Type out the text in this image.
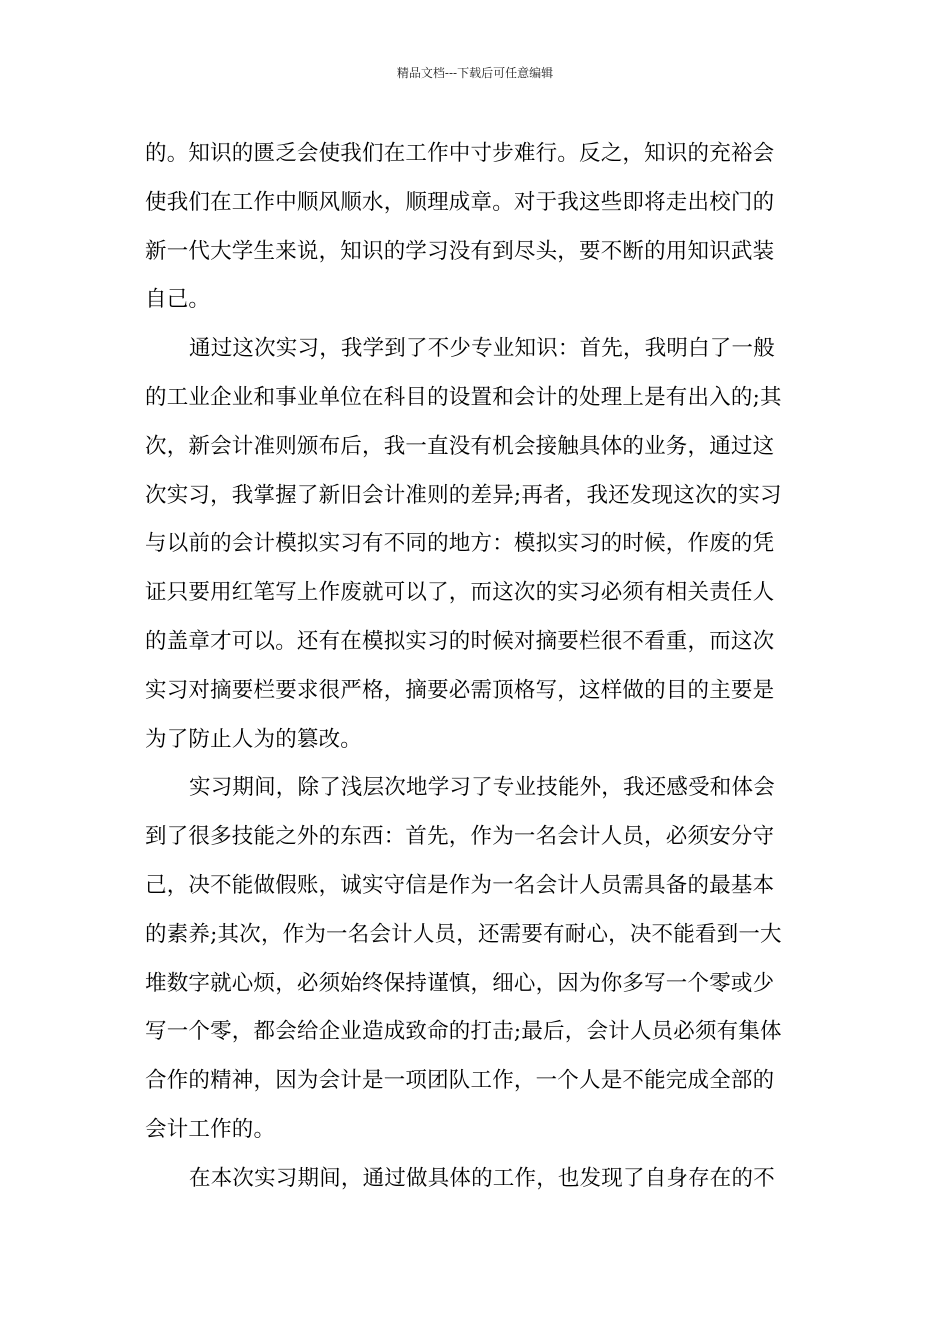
精品文档---下载后可任意编辑
的。知识的匮乏会使我们在工作中寸步难行。反之，知识的充裕会
使我们在工作中顺风顺水，顺理成章。对于我这些即将走出校门的
新一代大学生来说，知识的学习没有到尽头，要不断的用知识武装
自己。
通过这次实习，我学到了不少专业知识：首先，我明白了一般
的工业企业和事业单位在科目的设置和会计的处理上是有出入的;其
次，新会计准则颁布后，我一直没有机会接触具体的业务，通过这
次实习，我掌握了新旧会计准则的差异;再者，我还发现这次的实习
与以前的会计模拟实习有不同的地方：模拟实习的时候，作废的凭
证只要用红笔写上作废就可以了，而这次的实习必须有相关责任人
的盖章才可以。还有在模拟实习的时候对摘要栏很不看重，而这次
实习对摘要栏要求很严格，摘要必需顶格写，这样做的目的主要是
为了防止人为的篡改。
实习期间，除了浅层次地学习了专业技能外，我还感受和体会
到了很多技能之外的东西：首先，作为一名会计人员，必须安分守
己，决不能做假账，诚实守信是作为一名会计人员需具备的最基本
的素养;其次，作为一名会计人员，还需要有耐心，决不能看到一大
堆数字就心烦，必须始终保持谨慎，细心，因为你多写一个零或少
写一个零，都会给企业造成致命的打击;最后，会计人员必须有集体
合作的精神，因为会计是一项团队工作，一个人是不能完成全部的
会计工作的。
在本次实习期间，通过做具体的工作，也发现了自身存在的不
